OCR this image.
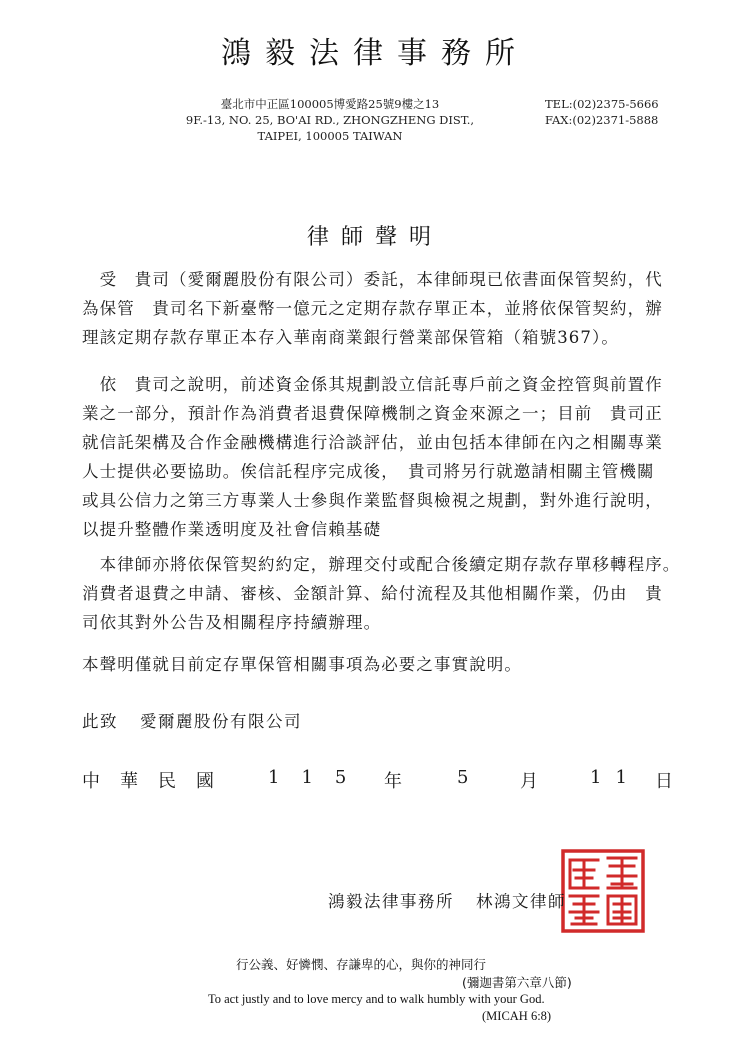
鴻毅法律事務所
臺北市中正區100005博愛路25號9樓之13
9F.-13, NO. 25, BO'AI RD., ZHONGZHENG DIST.,
TAIPEI, 100005 TAIWAN
TEL:(02)2375-5666
FAX:(02)2371-5888
律師聲明
　受　貴司（愛爾麗股份有限公司）委託，本律師現已依書面保管契約，代
為保管　貴司名下新臺幣一億元之定期存款存單正本，並將依保管契約，辦
理該定期存款存單正本存入華南商業銀行營業部保管箱（箱號367）。
　依　貴司之說明，前述資金係其規劃設立信託專戶前之資金控管與前置作
業之一部分，預計作為消費者退費保障機制之資金來源之一；目前　貴司正
就信託架構及合作金融機構進行洽談評估，並由包括本律師在內之相關專業
人士提供必要協助。俟信託程序完成後，　貴司將另行就邀請相關主管機關
或具公信力之第三方專業人士參與作業監督與檢視之規劃，對外進行說明，
以提升整體作業透明度及社會信賴基礎
　本律師亦將依保管契約約定，辦理交付或配合後續定期存款存單移轉程序。
消費者退費之申請、審核、金額計算、給付流程及其他相關作業，仍由　貴
司依其對外公告及相關程序持續辦理。
本聲明僅就目前定存單保管相關事項為必要之事實說明。
此致 愛爾麗股份有限公司
中華民國 115 年	5	月	11 日
鴻毅法律事務所 林鴻文律師
行公義、好憐憫、存謙卑的心，與你的神同行
(彌迦書第六章八節)
To act justly and to love mercy and to walk humbly with your God.
(MICAH 6:8)
